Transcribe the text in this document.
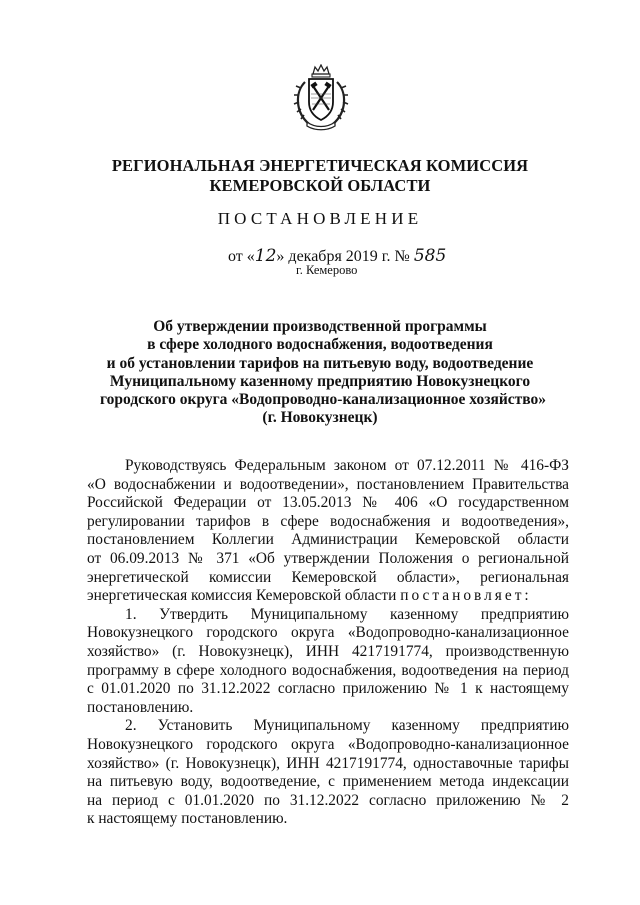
РЕГИОНАЛЬНАЯ ЭНЕРГЕТИЧЕСКАЯ КОМИССИЯ
КЕМЕРОВСКОЙ ОБЛАСТИ
ПОСТАНОВЛЕНИЕ
от «12» декабря 2019 г. № 585
г. Кемерово
Об утверждении производственной программы
в сфере холодного водоснабжения, водоотведения
и об установлении тарифов на питьевую воду, водоотведение
Муниципальному казенному предприятию Новокузнецкого
городского округа «Водопроводно-канализационное хозяйство»
(г. Новокузнецк)
Руководствуясь Федеральным законом от 07.12.2011 № 416-ФЗ
«О водоснабжении и водоотведении», постановлением Правительства
Российской Федерации от 13.05.2013 № 406 «О государственном
регулировании тарифов в сфере водоснабжения и водоотведения»,
постановлением Коллегии Администрации Кемеровской области
от 06.09.2013 № 371 «Об утверждении Положения о региональной
энергетической комиссии Кемеровской области», региональная
энергетическая комиссия Кемеровской области постановляет:
1. Утвердить Муниципальному казенному предприятию
Новокузнецкого городского округа «Водопроводно-канализационное
хозяйство» (г. Новокузнецк), ИНН 4217191774, производственную
программу в сфере холодного водоснабжения, водоотведения на период
с 01.01.2020 по 31.12.2022 согласно приложению № 1 к настоящему
постановлению.
2. Установить Муниципальному казенному предприятию
Новокузнецкого городского округа «Водопроводно-канализационное
хозяйство» (г. Новокузнецк), ИНН 4217191774, одноставочные тарифы
на питьевую воду, водоотведение, с применением метода индексации
на период с 01.01.2020 по 31.12.2022 согласно приложению № 2
к настоящему постановлению.
